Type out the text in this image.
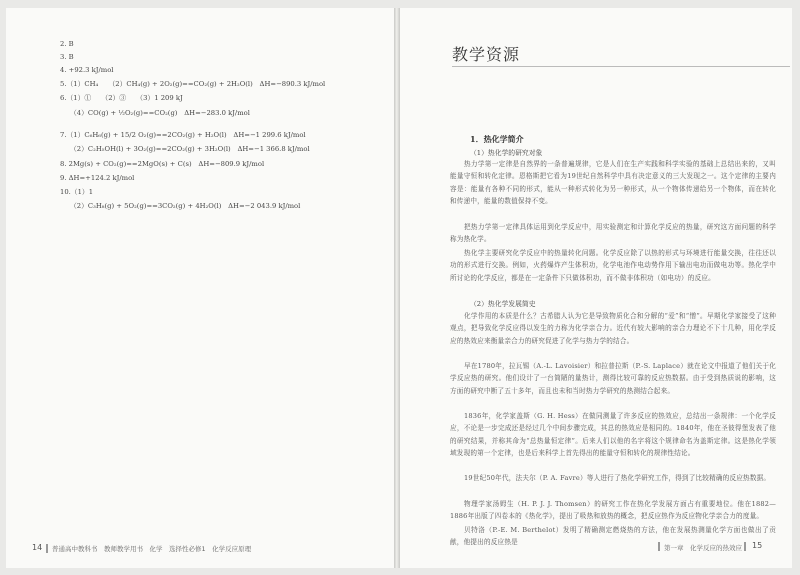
2. B
3. B
4. +92.3 kJ/mol
5.（1）CH₄　　（2）CH₄(g) + 2O₂(g)==CO₂(g) + 2H₂O(l)　ΔH=−890.3 kJ/mol
6.（1）①　　（2）③　　（3）1 209 kJ
（4）CO(g) + ½O₂(g)==CO₂(g)　ΔH=−283.0 kJ/mol
7.（1）C₆H₆(g) + 15/2 O₂(g)==2CO₂(g) + H₂O(l)　ΔH=−1 299.6 kJ/mol
（2）C₂H₅OH(l) + 3O₂(g)==2CO₂(g) + 3H₂O(l)　ΔH=−1 366.8 kJ/mol
8. 2Mg(s) + CO₂(g)==2MgO(s) + C(s)　ΔH=−809.9 kJ/mol
9. ΔH=+124.2 kJ/mol
10.（1）1
（2）C₃H₈(g) + 5O₂(g)==3CO₂(g) + 4H₂O(l)　ΔH=−2 043.9 kJ/mol
14 普通高中教科书　教师教学用书　化学　选择性必修1　化学反应原理
教学资源
1．热化学简介
（1）热化学的研究对象
热力学第一定律是自然界的一条普遍规律，它是人们在生产实践和科学实验的基础上总结出来的，又叫能量守恒和转化定律。恩格斯把它看为19世纪自然科学中具有决定意义的三大发现之一。这个定律的主要内容是：能量有各种不同的形式，能从一种形式转化为另一种形式，从一个物体传递给另一个物体，而在转化和传递中，能量的数值保持不变。
把热力学第一定律具体运用到化学反应中，用实验测定和计算化学反应的热量，研究这方面问题的科学称为热化学。
热化学主要研究化学反应中的热量转化问题。化学反应除了以热的形式与环境进行能量交换，往往还以功的形式进行交换。例如，火药爆炸产生体积功，化学电池作电动势作用下输出电功而做电功等。热化学中所讨论的化学反应，都是在一定条件下只做体积功，而不做非体积功（如电功）的反应。
（2）热化学发展简史
化学作用的本质是什么？古希腊人认为它是导致物质化合和分解的“爱”和“憎”。早期化学家接受了这种观点，把导致化学反应得以发生的力称为化学亲合力。近代有较大影响的亲合力理论不下十几种，用化学反应的热效应来衡量亲合力的研究促进了化学与热力学的结合。
早在1780年，拉瓦锡（A.-L. Lavoisier）和拉普拉斯（P.-S. Laplace）就在论文中报道了他们关于化学反应热的研究。他们设计了一台简陋的量热计，测得比较可靠的反应热数据。由于受到热质说的影响，这方面的研究中断了五十多年，而且也未和当时热力学研究的热测结合起来。
1836年，化学家盖斯（G. H. Hess）在做同测量了许多反应的热效应，总结出一条规律：一个化学反应，不论是一步完成还是经过几个中间步骤完成，其总的热效应是相同的。1840年，他在圣彼得堡发表了他的研究结果，并称其命为“总热量恒定律”。后来人们以他的名字将这个规律命名为盖斯定律。这是热化学领域发现的第一个定律，也是后来科学上首先得出的能量守恒和转化的规律性结论。
19世纪50年代，法夫尔（P. A. Favre）等人进行了热化学研究工作，得到了比较精确的反应热数据。
物理学家汤姆生（H. P. J. J. Thomsen）的研究工作在热化学发展方面占有重要地位。他在1882—1886年出版了四卷本的《热化学》，提出了吸热和放热的概念，把反应热作为反应物化学亲合力的度量。
贝特洛（P.-E. M. Berthelot）发明了精确测定燃烧热的方法，他在发展热测量化学方面也做出了贡献，他提出的反应热是
第一章　化学反应的热效应 15
